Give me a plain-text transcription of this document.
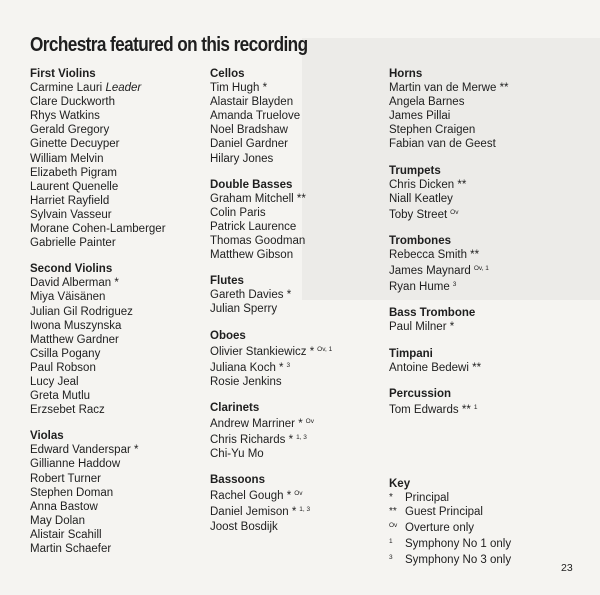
Orchestra featured on this recording
First Violins
Carmine Lauri Leader
Clare Duckworth
Rhys Watkins
Gerald Gregory
Ginette Decuyper
William Melvin
Elizabeth Pigram
Laurent Quenelle
Harriet Rayfield
Sylvain Vasseur
Morane Cohen-Lamberger
Gabrielle Painter
Second Violins
David Alberman *
Miya Väisänen
Julian Gil Rodriguez
Iwona Muszynska
Matthew Gardner
Csilla Pogany
Paul Robson
Lucy Jeal
Greta Mutlu
Erzsebet Racz
Violas
Edward Vanderspar *
Gillianne Haddow
Robert Turner
Stephen Doman
Anna Bastow
May Dolan
Alistair Scahill
Martin Schaefer
Cellos
Tim Hugh *
Alastair Blayden
Amanda Truelove
Noel Bradshaw
Daniel Gardner
Hilary Jones
Double Basses
Graham Mitchell **
Colin Paris
Patrick Laurence
Thomas Goodman
Matthew Gibson
Flutes
Gareth Davies *
Julian Sperry
Oboes
Olivier Stankiewicz * $^{Ov, 1}$
Juliana Koch * $^3$
Rosie Jenkins
Clarinets
Andrew Marriner * $^{Ov}$
Chris Richards * $^{1, 3}$
Chi-Yu Mo
Bassoons
Rachel Gough * $^{Ov}$
Daniel Jemison * $^{1, 3}$
Joost Bosdijk
Horns
Martin van de Merwe **
Angela Barnes
James Pillai
Stephen Craigen
Fabian van de Geest
Trumpets
Chris Dicken **
Niall Keatley
Toby Street $^{Ov}$
Trombones
Rebecca Smith **
James Maynard $^{Ov, 1}$
Ryan Hume $^3$
Bass Trombone
Paul Milner *
Timpani
Antoine Bedewi **
Percussion
Tom Edwards ** $^1$
Key
* Principal
** Guest Principal
Ov Overture only
1 Symphony No 1 only
3 Symphony No 3 only
23
